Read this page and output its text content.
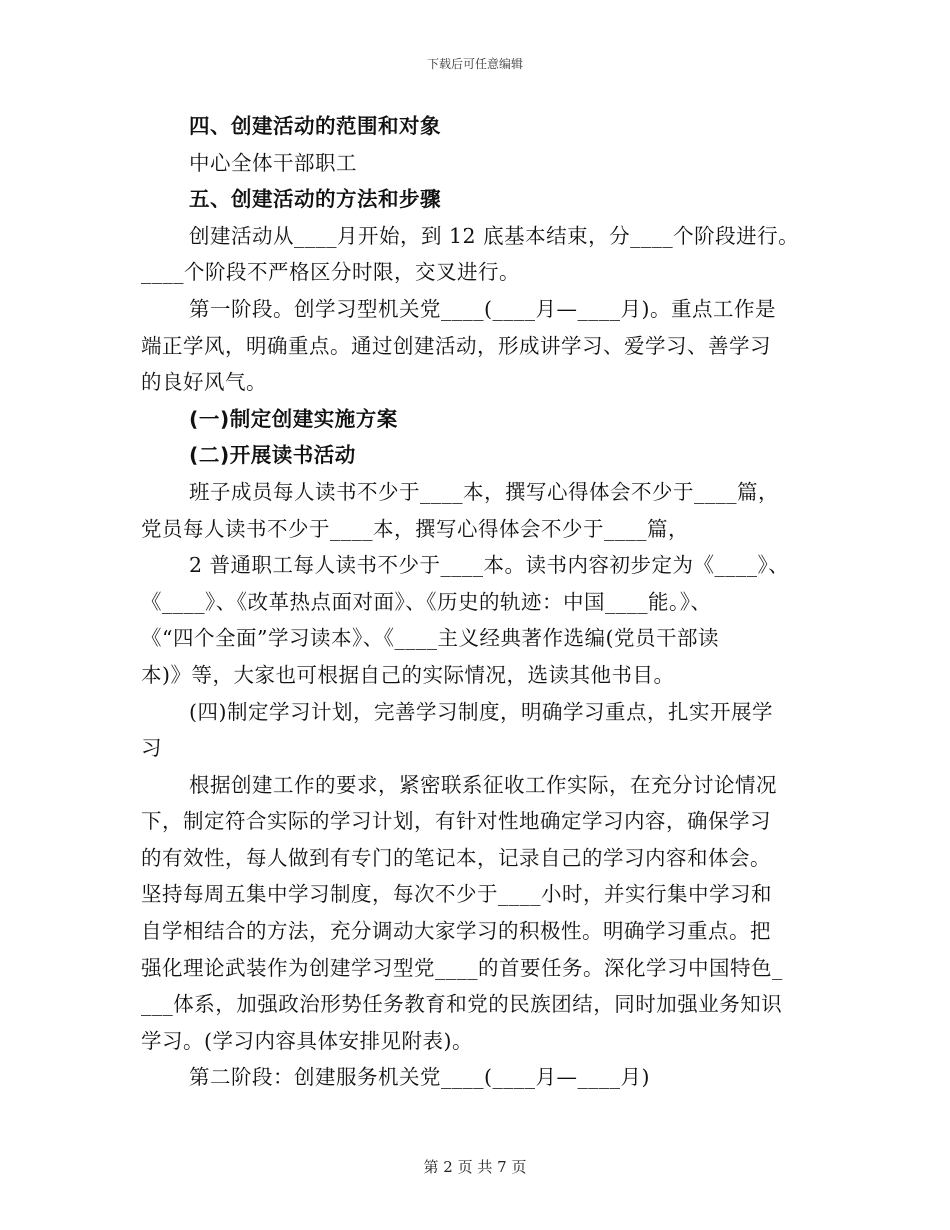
下载后可任意编辑
四、创建活动的范围和对象
中心全体干部职工
五、创建活动的方法和步骤
创建活动从____月开始，到 12 底基本结束，分____个阶段进行。
____个阶段不严格区分时限，交叉进行。
第一阶段。创学习型机关党____(____月—____月)。重点工作是
端正学风，明确重点。通过创建活动，形成讲学习、爱学习、善学习
的良好风气。
(一)制定创建实施方案
(二)开展读书活动
班子成员每人读书不少于____本，撰写心得体会不少于____篇，
党员每人读书不少于____本，撰写心得体会不少于____篇，
2 普通职工每人读书不少于____本。读书内容初步定为《____》、
《____》、《改革热点面对面》、《历史的轨迹：中国____能。》、
《“四个全面”学习读本》、《____主义经典著作选编(党员干部读
本)》等，大家也可根据自己的实际情况，选读其他书目。
(四)制定学习计划，完善学习制度，明确学习重点，扎实开展学
习
根据创建工作的要求，紧密联系征收工作实际，在充分讨论情况
下，制定符合实际的学习计划，有针对性地确定学习内容，确保学习
的有效性，每人做到有专门的笔记本，记录自己的学习内容和体会。
坚持每周五集中学习制度，每次不少于____小时，并实行集中学习和
自学相结合的方法，充分调动大家学习的积极性。明确学习重点。把
强化理论武装作为创建学习型党____的首要任务。深化学习中国特色_
___体系，加强政治形势任务教育和党的民族团结，同时加强业务知识
学习。(学习内容具体安排见附表)。
第二阶段：创建服务机关党____(____月—____月)
第 2 页 共 7 页
